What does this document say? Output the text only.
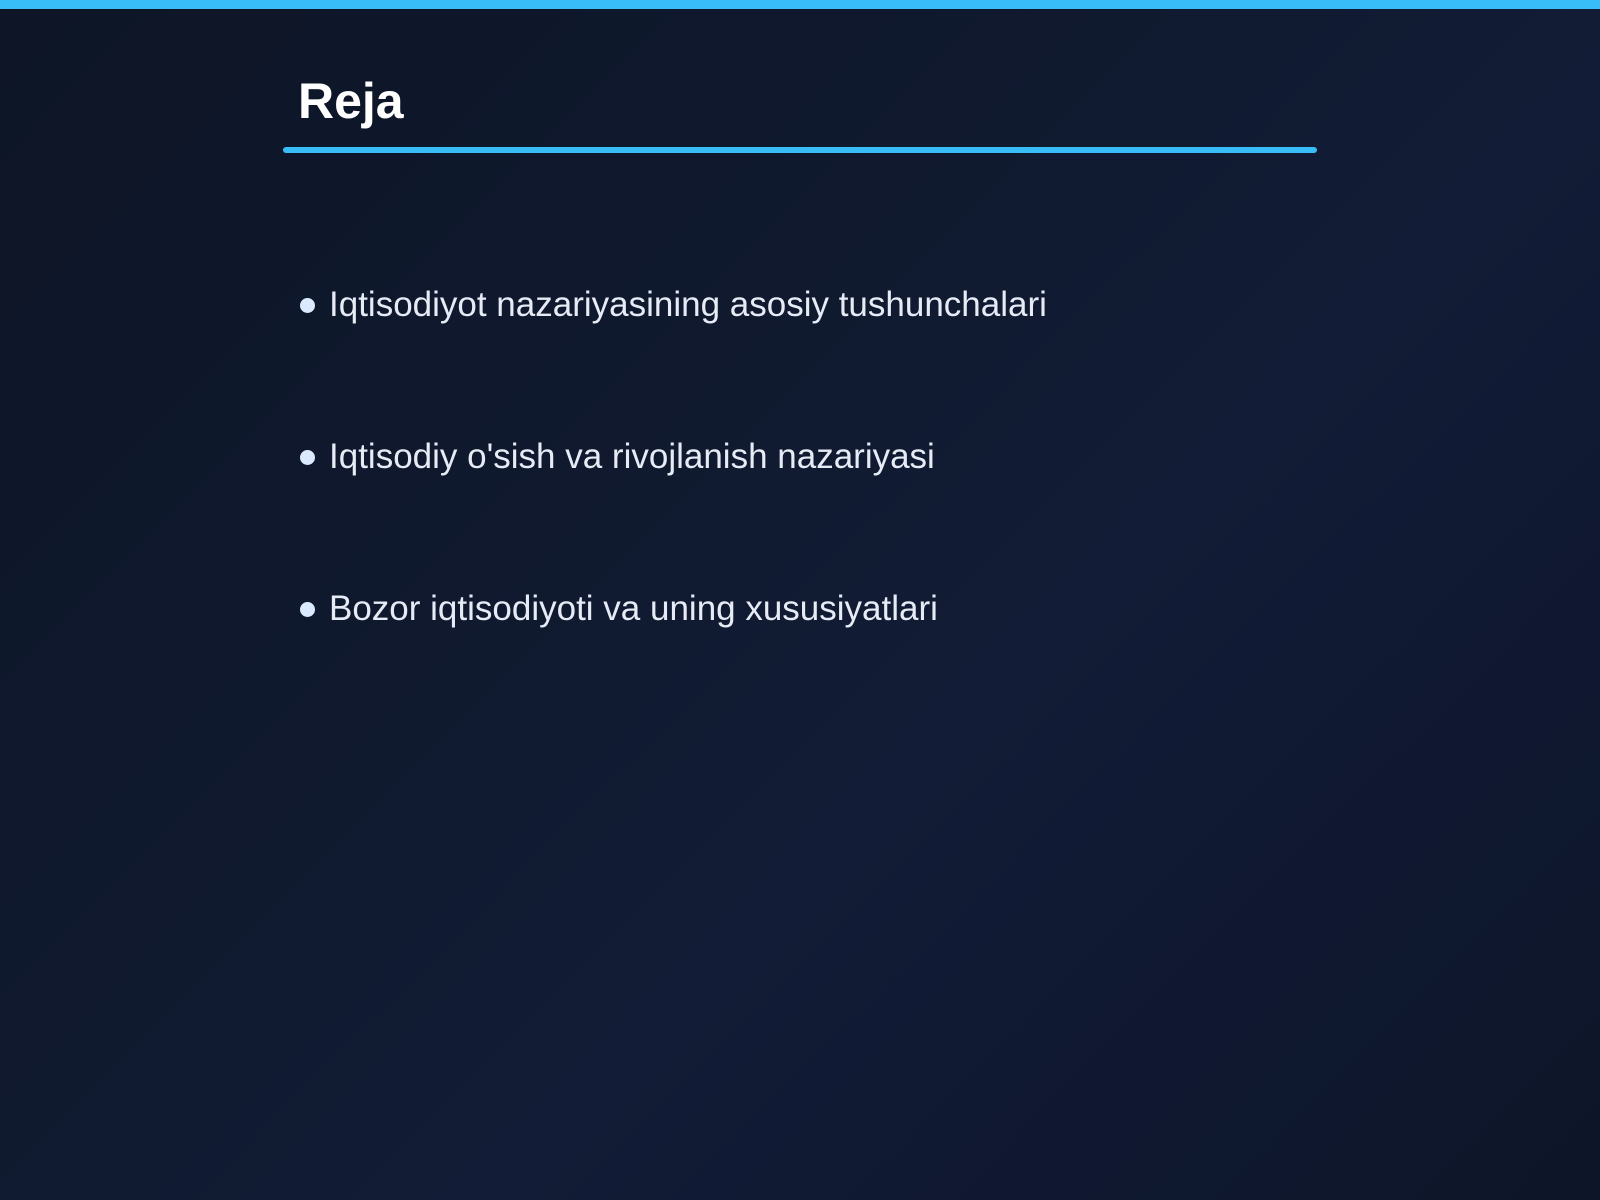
Reja
Iqtisodiyot nazariyasining asosiy tushunchalari
Iqtisodiy o'sish va rivojlanish nazariyasi
Bozor iqtisodiyoti va uning xususiyatlari
